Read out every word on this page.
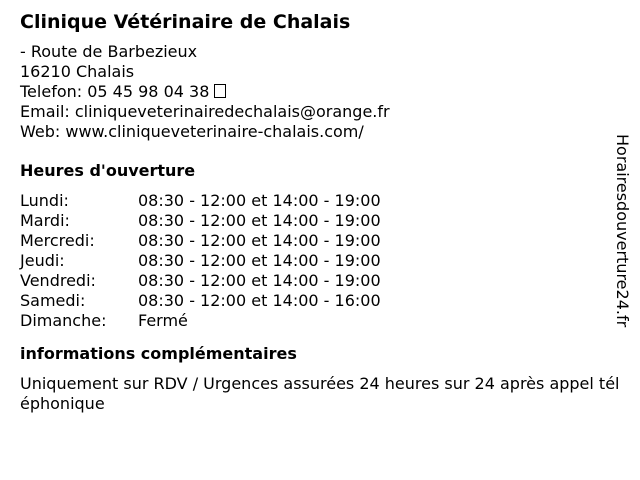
Clinique Vétérinaire de Chalais
- Route de Barbezieux
16210 Chalais
Telefon: 05 45 98 04 38
Email: cliniqueveterinairedechalais@orange.fr
Web: www.cliniqueveterinaire-chalais.com/
Heures d'ouverture
Lundi:	08:30 - 12:00 et 14:00 - 19:00
Mardi:	08:30 - 12:00 et 14:00 - 19:00
Mercredi:	08:30 - 12:00 et 14:00 - 19:00
Jeudi:	08:30 - 12:00 et 14:00 - 19:00
Vendredi:	08:30 - 12:00 et 14:00 - 19:00
Samedi:	08:30 - 12:00 et 14:00 - 16:00
Dimanche:	Fermé
informations complémentaires
Uniquement sur RDV / Urgences assurées 24 heures sur 24 après appel téléphonique
Horairesdouverture24.fr
